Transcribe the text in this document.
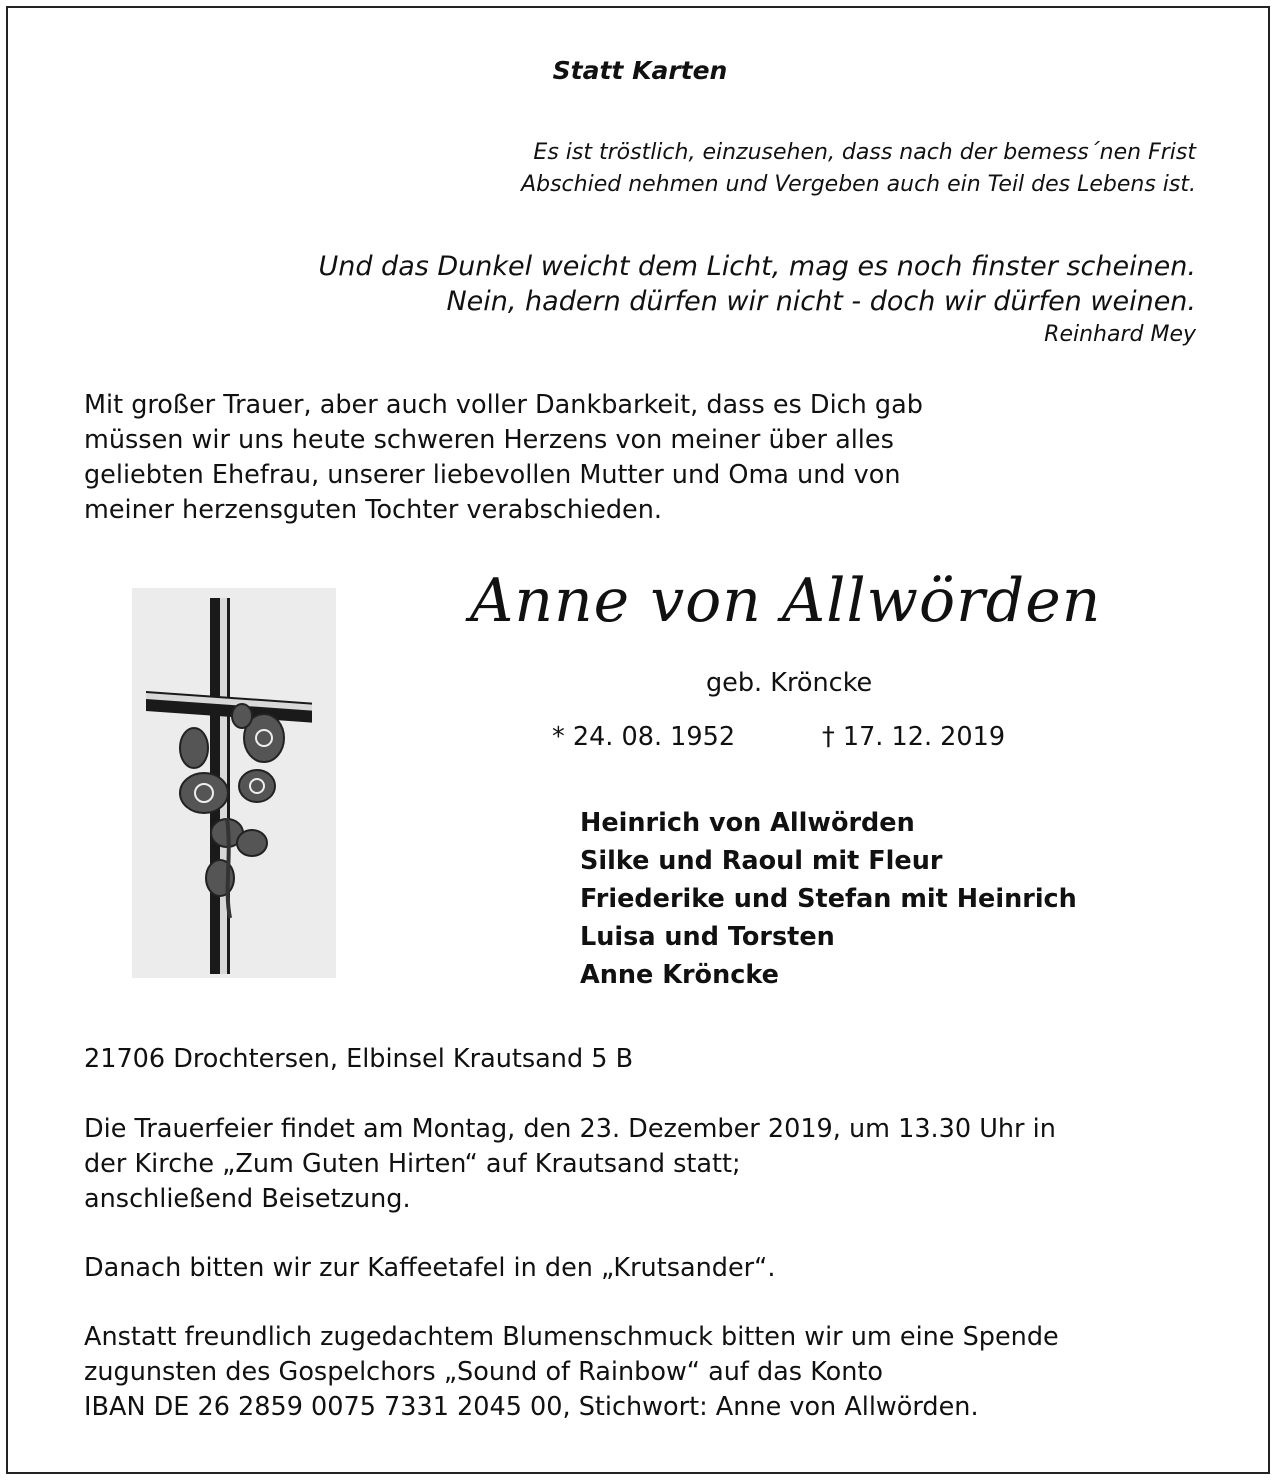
Statt Karten
Es ist tröstlich, einzusehen, dass nach der bemess´nen Frist
Abschied nehmen und Vergeben auch ein Teil des Lebens ist.
Und das Dunkel weicht dem Licht, mag es noch finster scheinen.
Nein, hadern dürfen wir nicht - doch wir dürfen weinen.
Reinhard Mey
Mit großer Trauer, aber auch voller Dankbarkeit, dass es Dich gab
müssen wir uns heute schweren Herzens von meiner über alles
geliebten Ehefrau, unserer liebevollen Mutter und Oma und von
meiner herzensguten Tochter verabschieden.
Anne von Allwörden
geb. Kröncke
* 24. 08. 1952	† 17. 12. 2019
Heinrich von Allwörden
Silke und Raoul mit Fleur
Friederike und Stefan mit Heinrich
Luisa und Torsten
Anne Kröncke
21706 Drochtersen, Elbinsel Krautsand 5 B
Die Trauerfeier findet am Montag, den 23. Dezember 2019, um 13.30 Uhr in
der Kirche „Zum Guten Hirten“ auf Krautsand statt;
anschließend Beisetzung.
Danach bitten wir zur Kaffeetafel in den „Krutsander“.
Anstatt freundlich zugedachtem Blumenschmuck bitten wir um eine Spende
zugunsten des Gospelchors „Sound of Rainbow“ auf das Konto
IBAN DE 26 2859 0075 7331 2045 00, Stichwort: Anne von Allwörden.
